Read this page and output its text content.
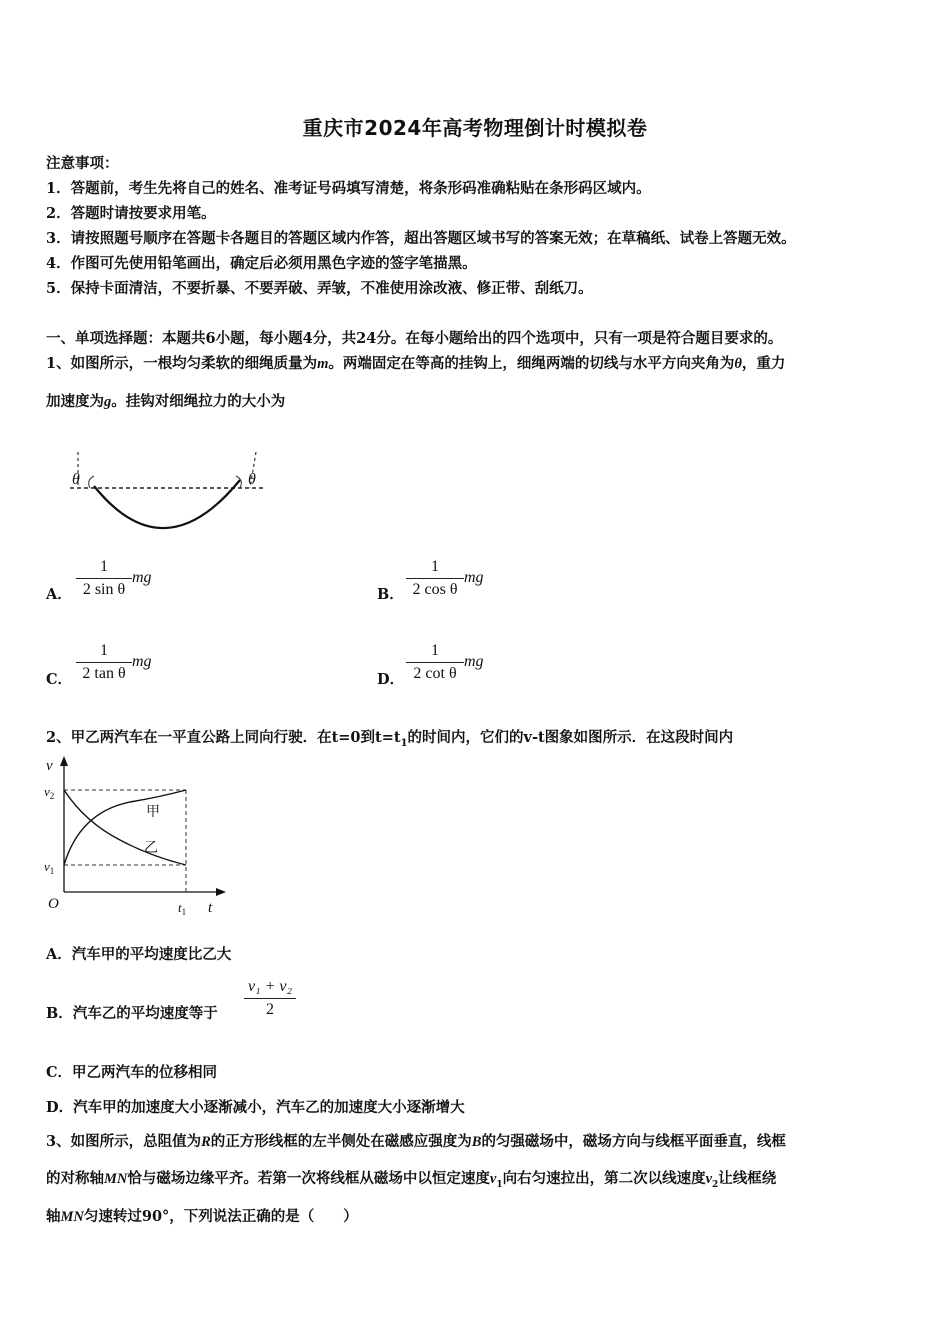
重庆市2024年高考物理倒计时模拟卷
注意事项：
1．答题前，考生先将自己的姓名、准考证号码填写清楚，将条形码准确粘贴在条形码区域内。
2．答题时请按要求用笔。
3．请按照题号顺序在答题卡各题目的答题区域内作答，超出答题区域书写的答案无效；在草稿纸、试卷上答题无效。
4．作图可先使用铅笔画出，确定后必须用黑色字迹的签字笔描黑。
5．保持卡面清洁，不要折暴、不要弄破、弄皱，不准使用涂改液、修正带、刮纸刀。
一、单项选择题：本题共6小题，每小题4分，共24分。在每小题给出的四个选项中，只有一项是符合题目要求的。
1、如图所示，一根均匀柔软的细绳质量为m。两端固定在等高的挂钩上，细绳两端的切线与水平方向夹角为θ，重力
加速度为g。挂钩对细绳拉力的大小为
θ	θ
A．
1
2 sin θ
mg
B．
1
2 cos θ
mg
C．
1
2 tan θ
mg
D．
1
2 cot θ
mg
2、甲乙两汽车在一平直公路上同向行驶．在t=0到$t=t_1$的时间内，它们的v-t图象如图所示．在这段时间内
v
$v_2$
$v_1$
O	$t_1$ t
甲
乙
A．汽车甲的平均速度比乙大
B．汽车乙的平均速度等于
v₁ + v₂
2
C．甲乙两汽车的位移相同
D．汽车甲的加速度大小逐渐减小，汽车乙的加速度大小逐渐增大
3、如图所示，总阻值为R的正方形线框的左半侧处在磁感应强度为B的匀强磁场中，磁场方向与线框平面垂直，线框
的对称轴MN恰与磁场边缘平齐。若第一次将线框从磁场中以恒定速度$v_1$向右匀速拉出，第二次以线速度$v_2$让线框绕
轴MN匀速转过90°，下列说法正确的是（　　）
